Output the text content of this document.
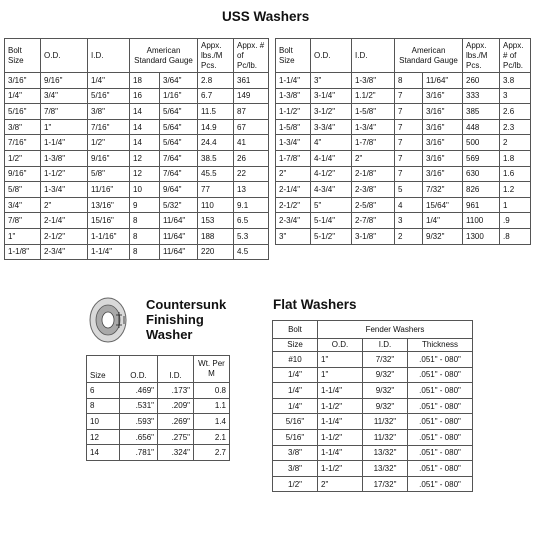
USS Washers
Bolt Size	O.D.	I.D.	American Standard Gauge		Appx. lbs./M Pcs.	Appx. # of Pc/lb.
3/16"	9/16"	1/4"	18	3/64"	2.8	361
1/4"	3/4"	5/16"	16	1/16"	6.7	149
5/16"	7/8"	3/8"	14	5/64"	11.5	87
3/8"	1"	7/16"	14	5/64"	14.9	67
7/16"	1-1/4"	1/2"	14	5/64"	24.4	41
1/2"	1-3/8"	9/16"	12	7/64"	38.5	26
9/16"	1-1/2"	5/8"	12	7/64"	45.5	22
5/8"	1-3/4"	11/16"	10	9/64"	77	13
3/4"	2"	13/16"	9	5/32"	110	9.1
7/8"	2-1/4"	15/16"	8	11/64"	153	6.5
1"	2-1/2"	1-1/16"	8	11/64"	188	5.3
1-1/8"	2-3/4"	1-1/4"	8	11/64"	220	4.5
Bolt Size	O.D.	I.D.	American Standard Gauge		Appx. lbs./M Pcs.	Appx. # of Pc/lb.
1-1/4"	3"	1-3/8"	8	11/64"	260	3.8
1-3/8"	3-1/4"	1.1/2"	7	3/16"	333	3
1-1/2"	3-1/2"	1-5/8"	7	3/16"	385	2.6
1-5/8"	3-3/4"	1-3/4"	7	3/16"	448	2.3
1-3/4"	4"	1-7/8"	7	3/16"	500	2
1-7/8"	4-1/4"	2"	7	3/16"	569	1.8
2"	4-1/2"	2-1/8"	7	3/16"	630	1.6
2-1/4"	4-3/4"	2-3/8"	5	7/32"	826	1.2
2-1/2"	5"	2-5/8"	4	15/64"	961	1
2-3/4"	5-1/4"	2-7/8"	3	1/4"	1100	.9
3"	5-1/2"	3-1/8"	2	9/32"	1300	.8
Countersunk
Finishing
Washer
Size	O.D.	I.D.	Wt. Per M
6	.469"	.173"	0.8
8	.531"	.209"	1.1
10	.593"	.269"	1.4
12	.656"	.275"	2.1
14	.781"	.324"	2.7
Flat Washers
Bolt	Fender Washers		
Size	O.D.	I.D.	Thickness
#10	1"	7/32"	.051" - 080"
1/4"	1"	9/32"	.051" - 080"
1/4"	1-1/4"	9/32"	.051" - 080"
1/4"	1-1/2"	9/32"	.051" - 080"
5/16"	1-1/4"	11/32"	.051" - 080"
5/16"	1-1/2"	11/32"	.051" - 080"
3/8"	1-1/4"	13/32"	.051" - 080"
3/8"	1-1/2"	13/32"	.051" - 080"
1/2"	2"	17/32"	.051" - 080"
